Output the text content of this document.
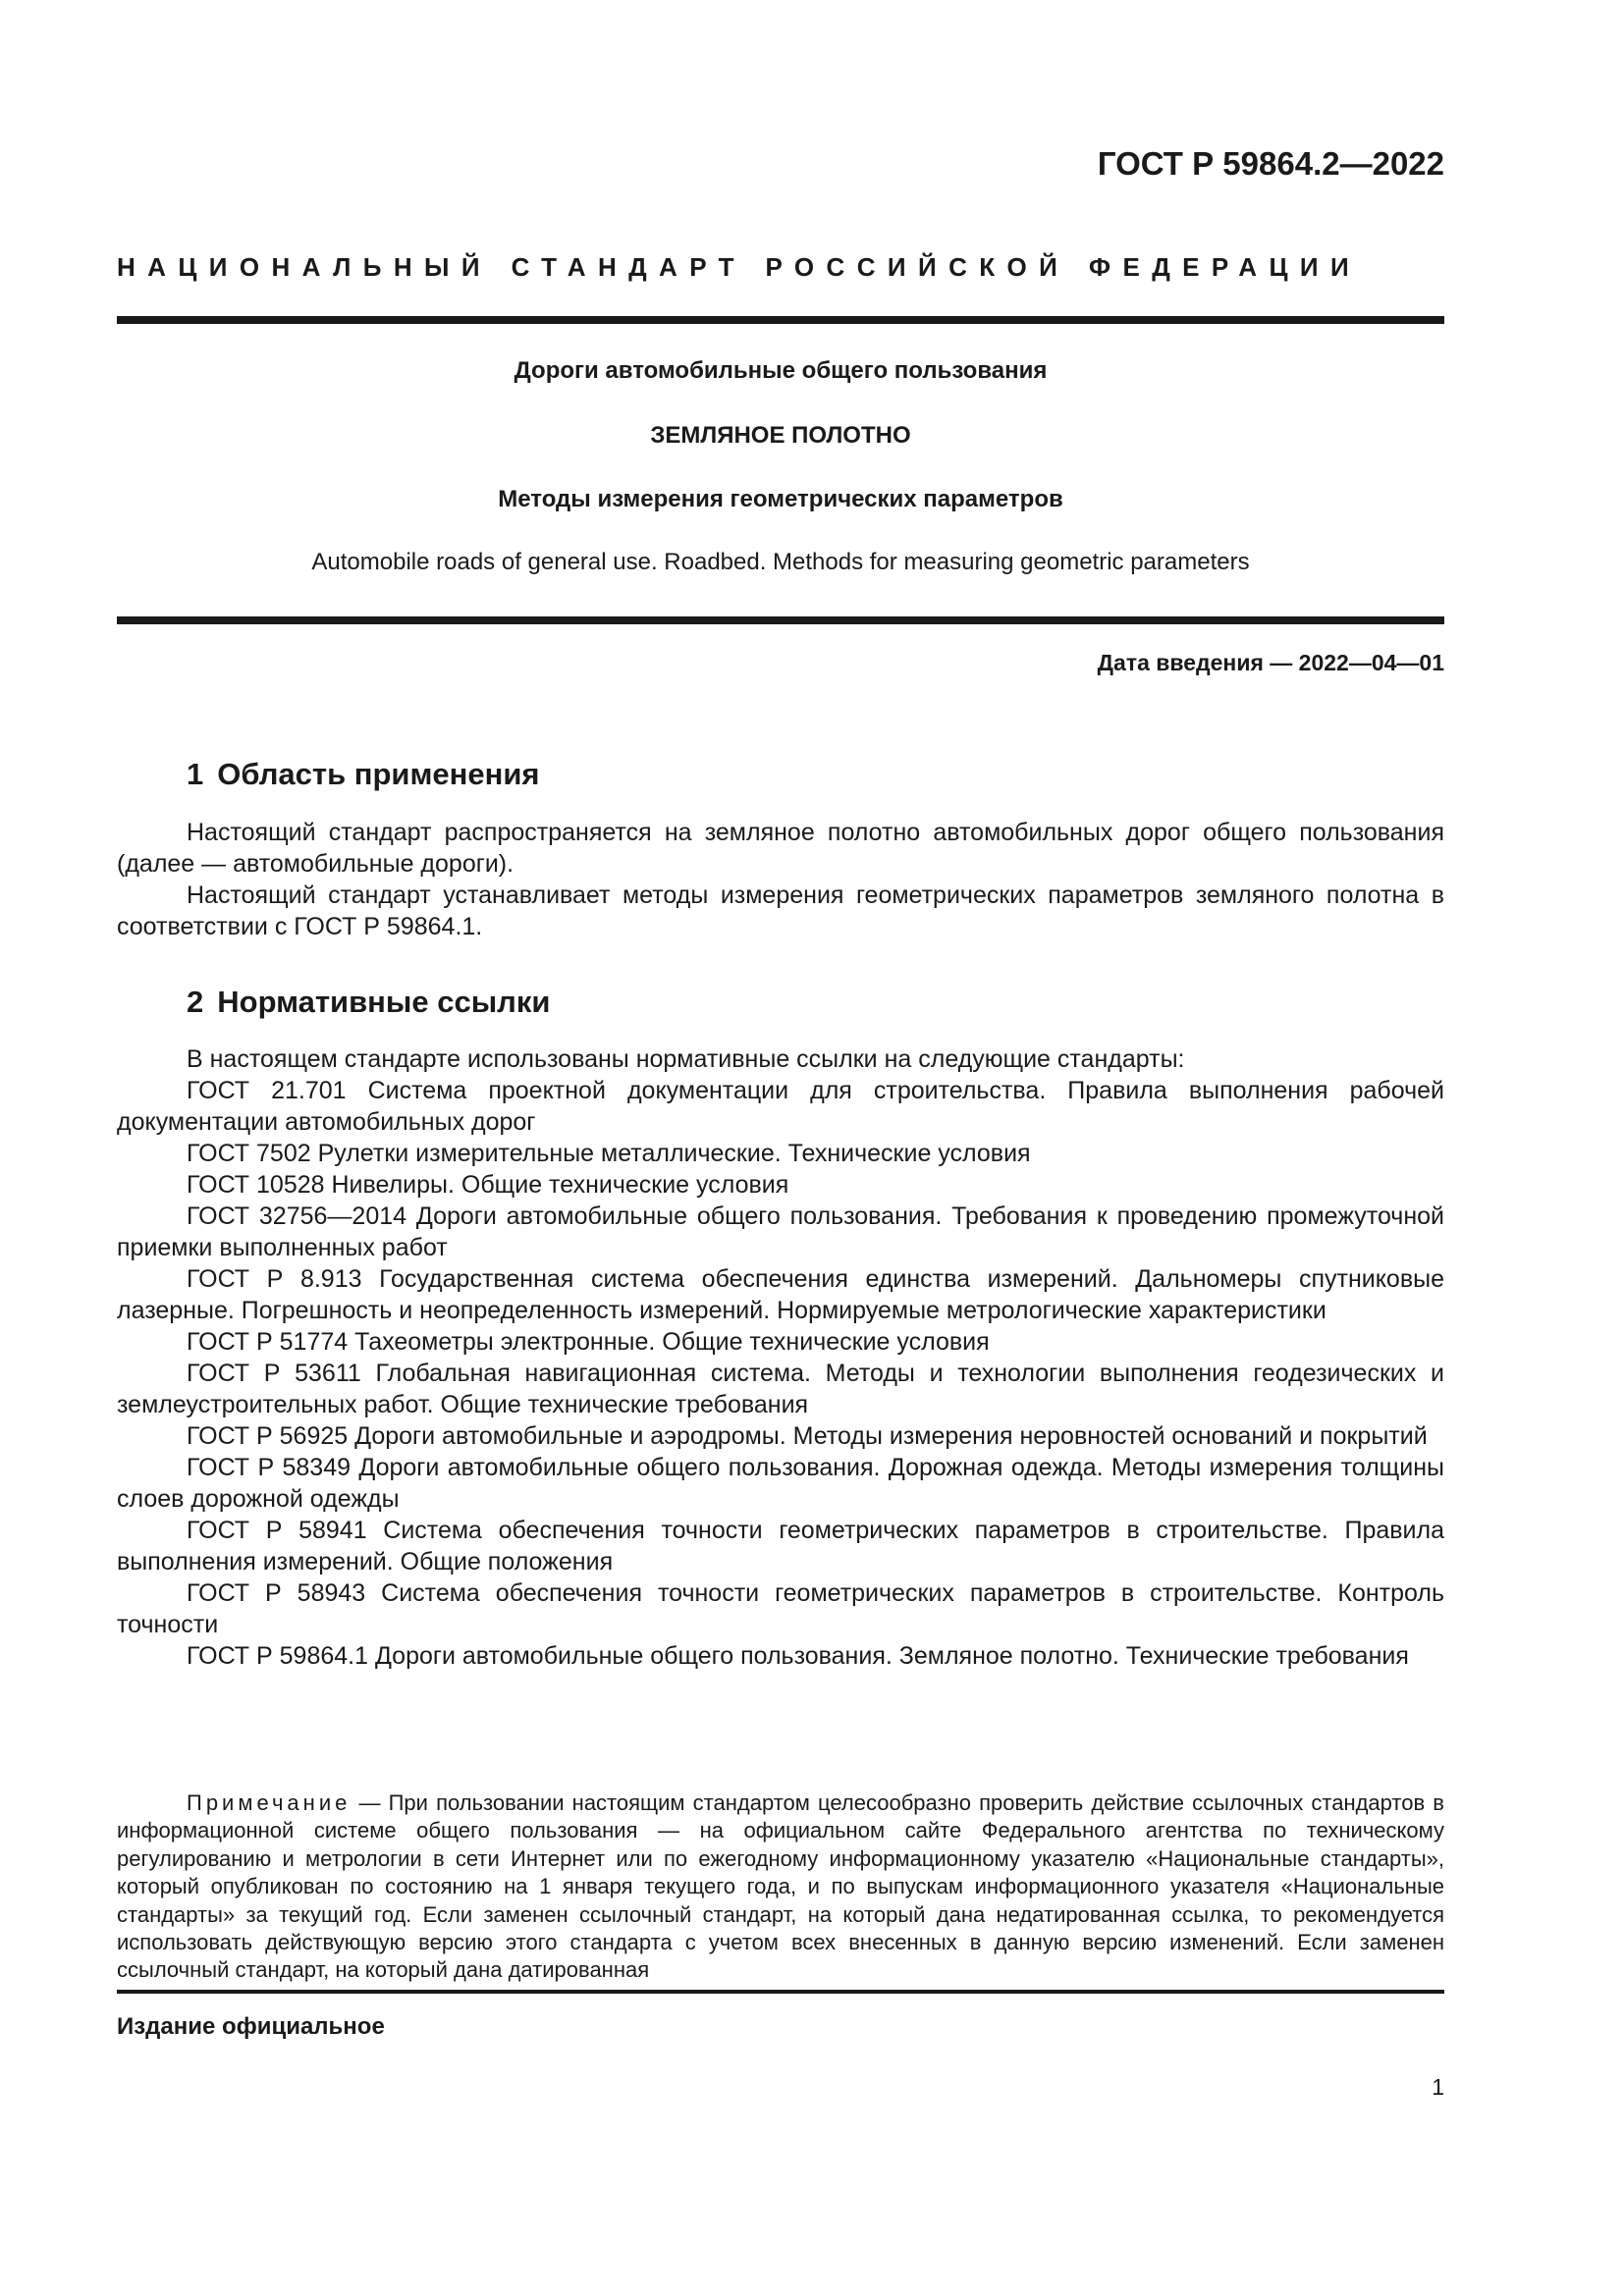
ГОСТ Р 59864.2—2022
НАЦИОНАЛЬНЫЙ СТАНДАРТ РОССИЙСКОЙ ФЕДЕРАЦИИ
Дороги автомобильные общего пользования
ЗЕМЛЯНОЕ ПОЛОТНО
Методы измерения геометрических параметров
Automobile roads of general use. Roadbed. Methods for measuring geometric parameters
Дата введения — 2022—04—01
1 Область применения

Настоящий стандарт распространяется на земляное полотно автомобильных дорог общего пользования (далее — автомобильные дороги).

Настоящий стандарт устанавливает методы измерения геометрических параметров земляного полотна в соответствии с ГОСТ Р 59864.1.

2 Нормативные ссылки

В настоящем стандарте использованы нормативные ссылки на следующие стандарты:

ГОСТ 21.701 Система проектной документации для строительства. Правила выполнения рабочей документации автомобильных дорог

ГОСТ 7502 Рулетки измерительные металлические. Технические условия

ГОСТ 10528 Нивелиры. Общие технические условия

ГОСТ 32756—2014 Дороги автомобильные общего пользования. Требования к проведению промежуточной приемки выполненных работ

ГОСТ Р 8.913 Государственная система обеспечения единства измерений. Дальномеры спутниковые лазерные. Погрешность и неопределенность измерений. Нормируемые метрологические характеристики

ГОСТ Р 51774 Тахеометры электронные. Общие технические условия

ГОСТ Р 53611 Глобальная навигационная система. Методы и технологии выполнения геодезических и землеустроительных работ. Общие технические требования

ГОСТ Р 56925 Дороги автомобильные и аэродромы. Методы измерения неровностей оснований и покрытий

ГОСТ Р 58349 Дороги автомобильные общего пользования. Дорожная одежда. Методы измерения толщины слоев дорожной одежды

ГОСТ Р 58941 Система обеспечения точности геометрических параметров в строительстве. Правила выполнения измерений. Общие положения

ГОСТ Р 58943 Система обеспечения точности геометрических параметров в строительстве. Контроль точности

ГОСТ Р 59864.1 Дороги автомобильные общего пользования. Земляное полотно. Технические требования

Примечание — При пользовании настоящим стандартом целесообразно проверить действие ссылочных стандартов в информационной системе общего пользования — на официальном сайте Федерального агентства по техническому регулированию и метрологии в сети Интернет или по ежегодному информационному указателю «Национальные стандарты», который опубликован по состоянию на 1 января текущего года, и по выпускам информационного указателя «Национальные стандарты» за текущий год. Если заменен ссылочный стандарт, на который дана недатированная ссылка, то рекомендуется использовать действующую версию этого стандарта с учетом всех внесенных в данную версию изменений. Если заменен ссылочный стандарт, на который дана датированная

Издание официальное
1
